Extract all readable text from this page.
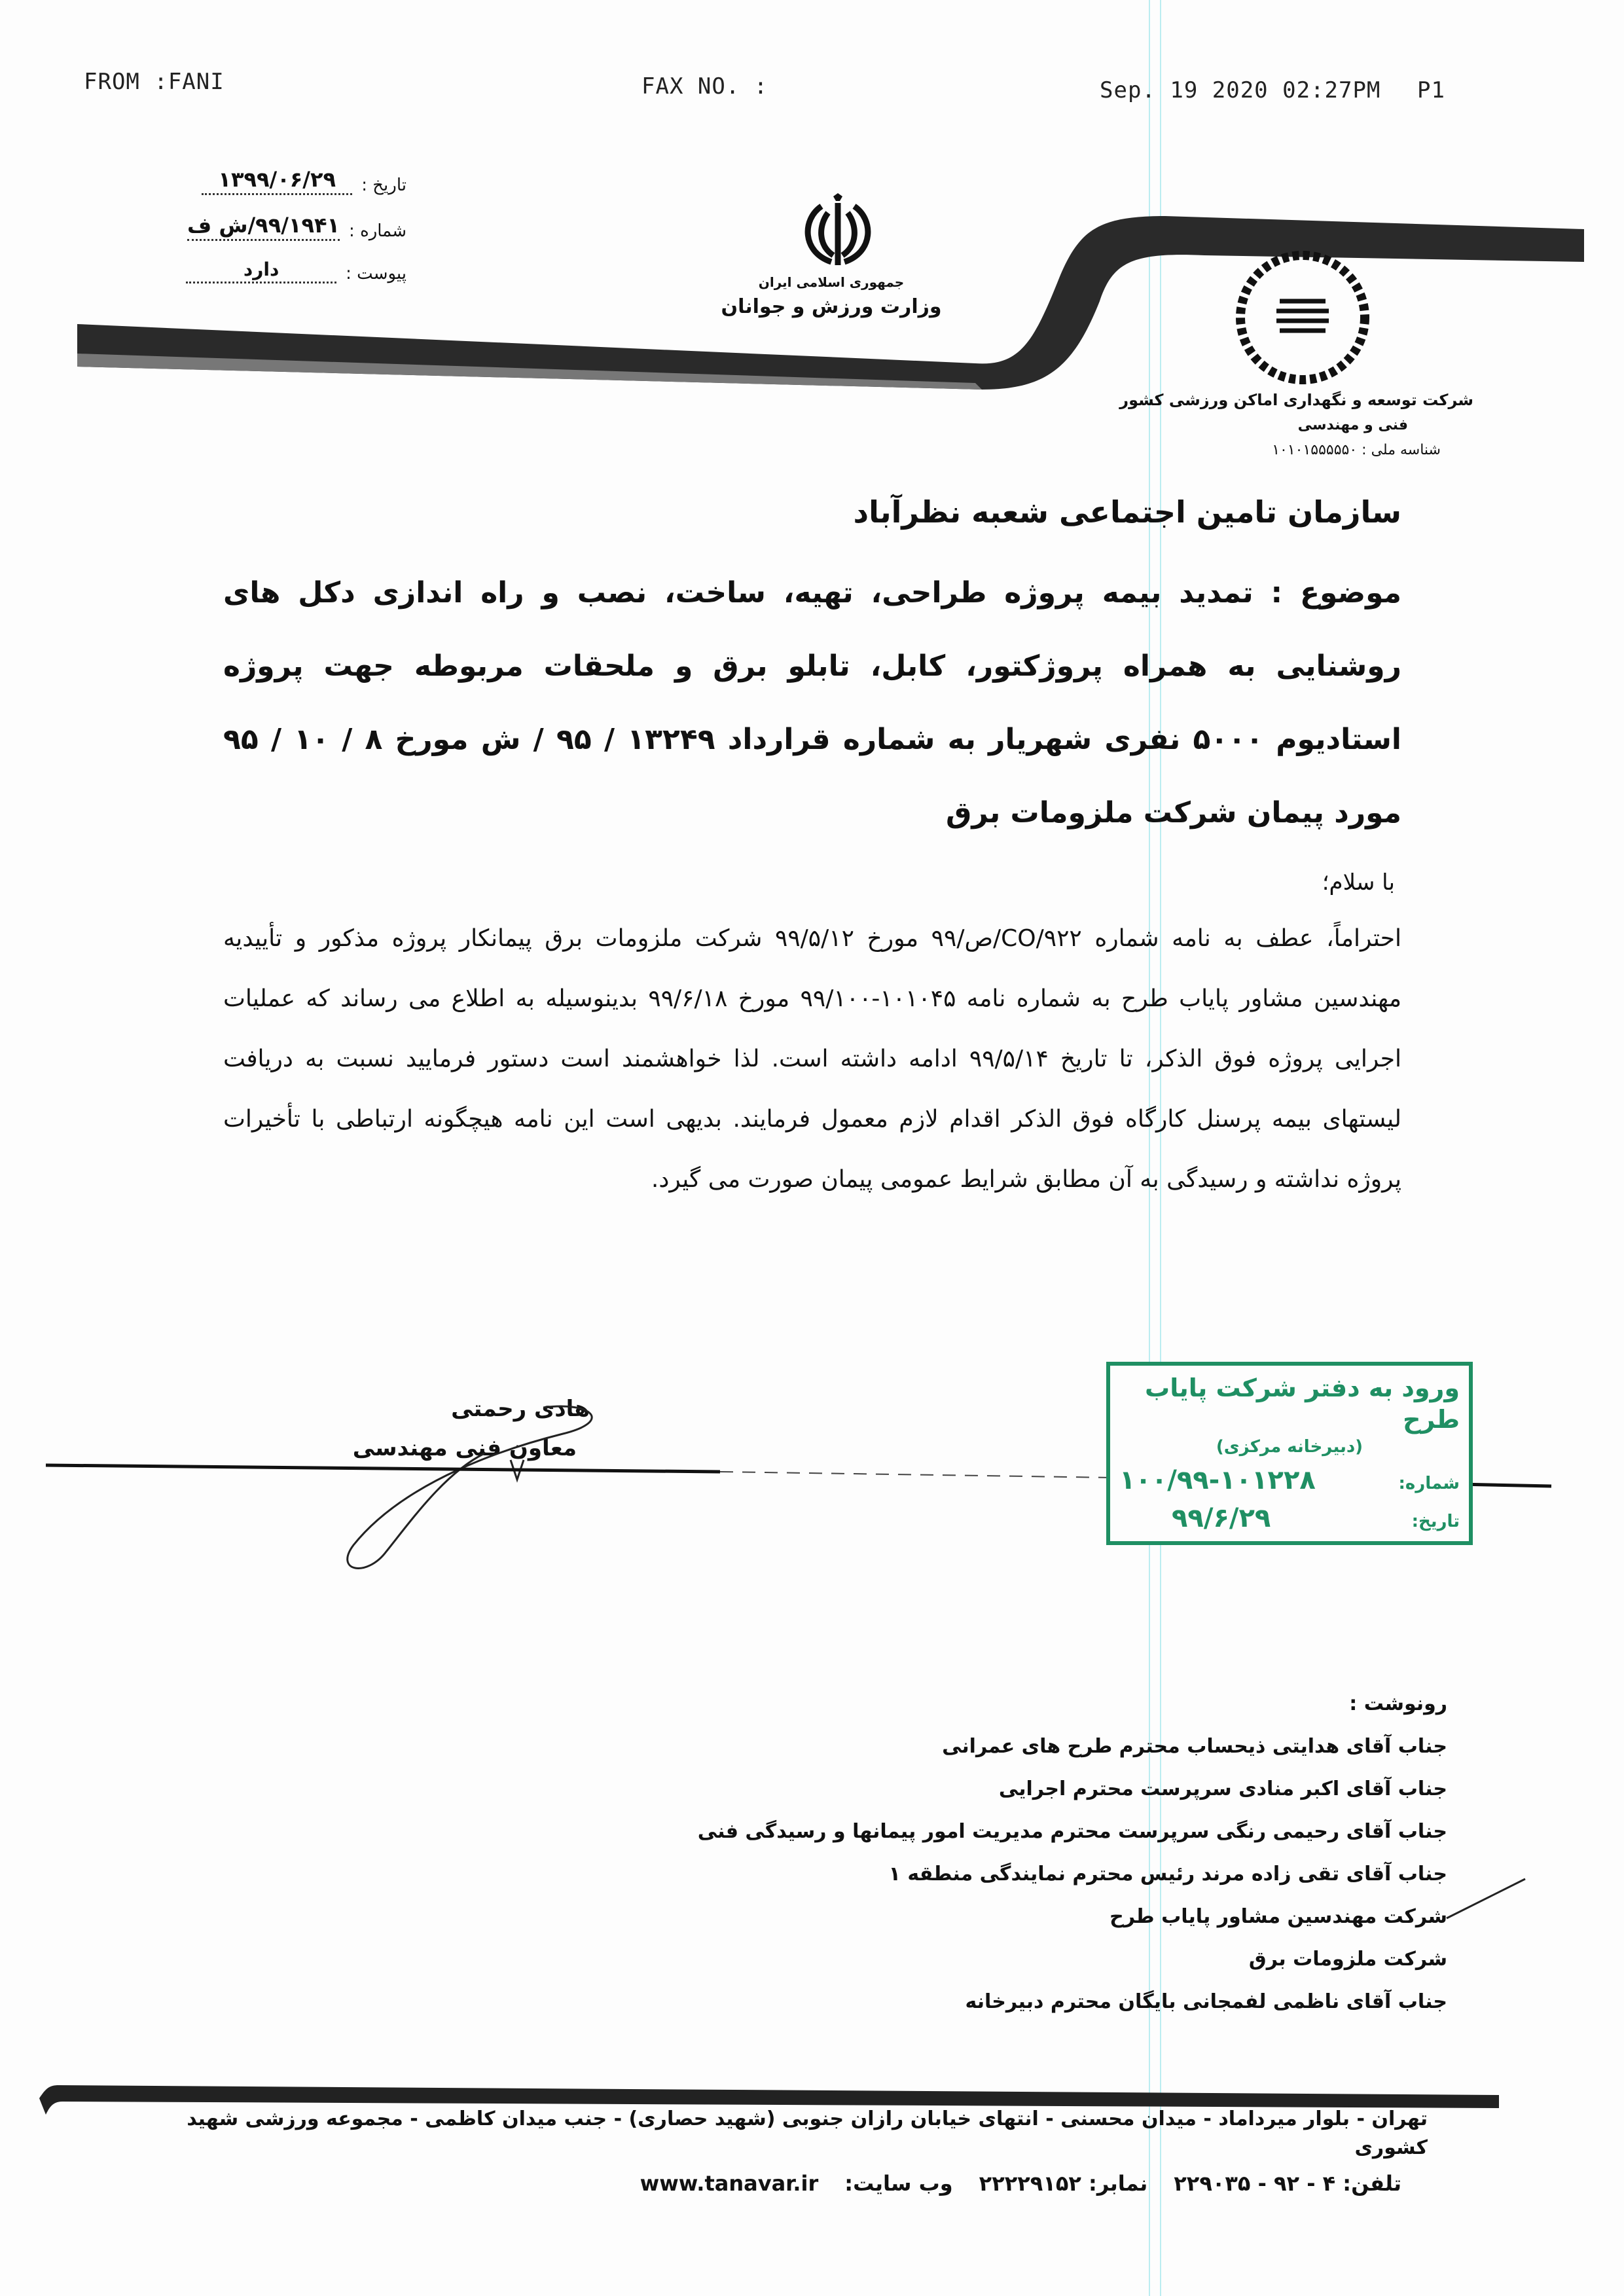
FROM :FANI	FAX NO. :	Sep. 19 2020 02:27PM P1
تاریخ :
۱۳۹۹/۰۶/۲۹
شماره :
۹۹/۱۹۴۱/ش ف
پیوست :
دارد
جمهوری اسلامی ایران
وزارت ورزش و جوانان
شرکت توسعه و نگهداری اماکن ورزشی کشور
فنی و مهندسی
شناسه ملی : ۱۰۱۰۱۵۵۵۵۵۰
سازمان تامین اجتماعی شعبه نظرآباد
موضوع : تمدید بیمه پروژه طراحی، تهیه، ساخت، نصب و راه اندازی دکل های روشنایی به همراه پروژکتور، کابل، تابلو برق و ملحقات مربوطه جهت پروژه استادیوم ۵۰۰۰ نفری شهریار به شماره قرارداد ۱۳۲۴۹ / ۹۵ / ش مورخ ۸ / ۱۰ / ۹۵ مورد پیمان شرکت ملزومات برق
با سلام؛
احتراماً، عطف به نامه شماره CO/۹۲۲/ص/۹۹ مورخ ۹۹/۵/۱۲ شرکت ملزومات برق پیمانکار پروژه مذکور و تأییدیه مهندسین مشاور پایاب طرح به شماره نامه ۱۰۱۰۴۵-۹۹/۱۰۰ مورخ ۹۹/۶/۱۸ بدینوسیله به اطلاع می رساند که عملیات اجرایی پروژه فوق الذکر، تا تاریخ ۹۹/۵/۱۴ ادامه داشته است. لذا خواهشمند است دستور فرمایید نسبت به دریافت لیستهای بیمه پرسنل کارگاه فوق الذکر اقدام لازم معمول فرمایند. بدیهی است این نامه هیچگونه ارتباطی با تأخیرات پروژه نداشته و رسیدگی به آن مطابق شرایط عمومی پیمان صورت می گیرد.
هادی رحمتی
معاون فنی مهندسی
ورود به دفتر شرکت پایاب طرح
(دبیرخانه مرکزی)
شماره:
۱۰۰/۹۹-۱۰۱۲۲۸
تاریخ:
۹۹/۶/۲۹
رونوشت :
جناب آقای هدایتی ذیحساب محترم طرح های عمرانی
جناب آقای اکبر منادی سرپرست محترم اجرایی
جناب آقای رحیمی رنگی سرپرست محترم مدیریت امور پیمانها و رسیدگی فنی
جناب آقای تقی زاده مرند رئیس محترم نمایندگی منطقه ۱
شرکت مهندسین مشاور پایاب طرح
شرکت ملزومات برق
جناب آقای ناظمی لفمجانی بایگان محترم دبیرخانه
تهران - بلوار میرداماد - میدان محسنی - انتهای خیابان رازان جنوبی (شهید حصاری) - جنب میدان کاظمی - مجموعه ورزشی شهید کشوری
تلفن: ۴ - ۹۲ - ۲۲۹۰۳۵
نمابر: ۲۲۲۲۹۱۵۲
وب سایت:
www.tanavar.ir
